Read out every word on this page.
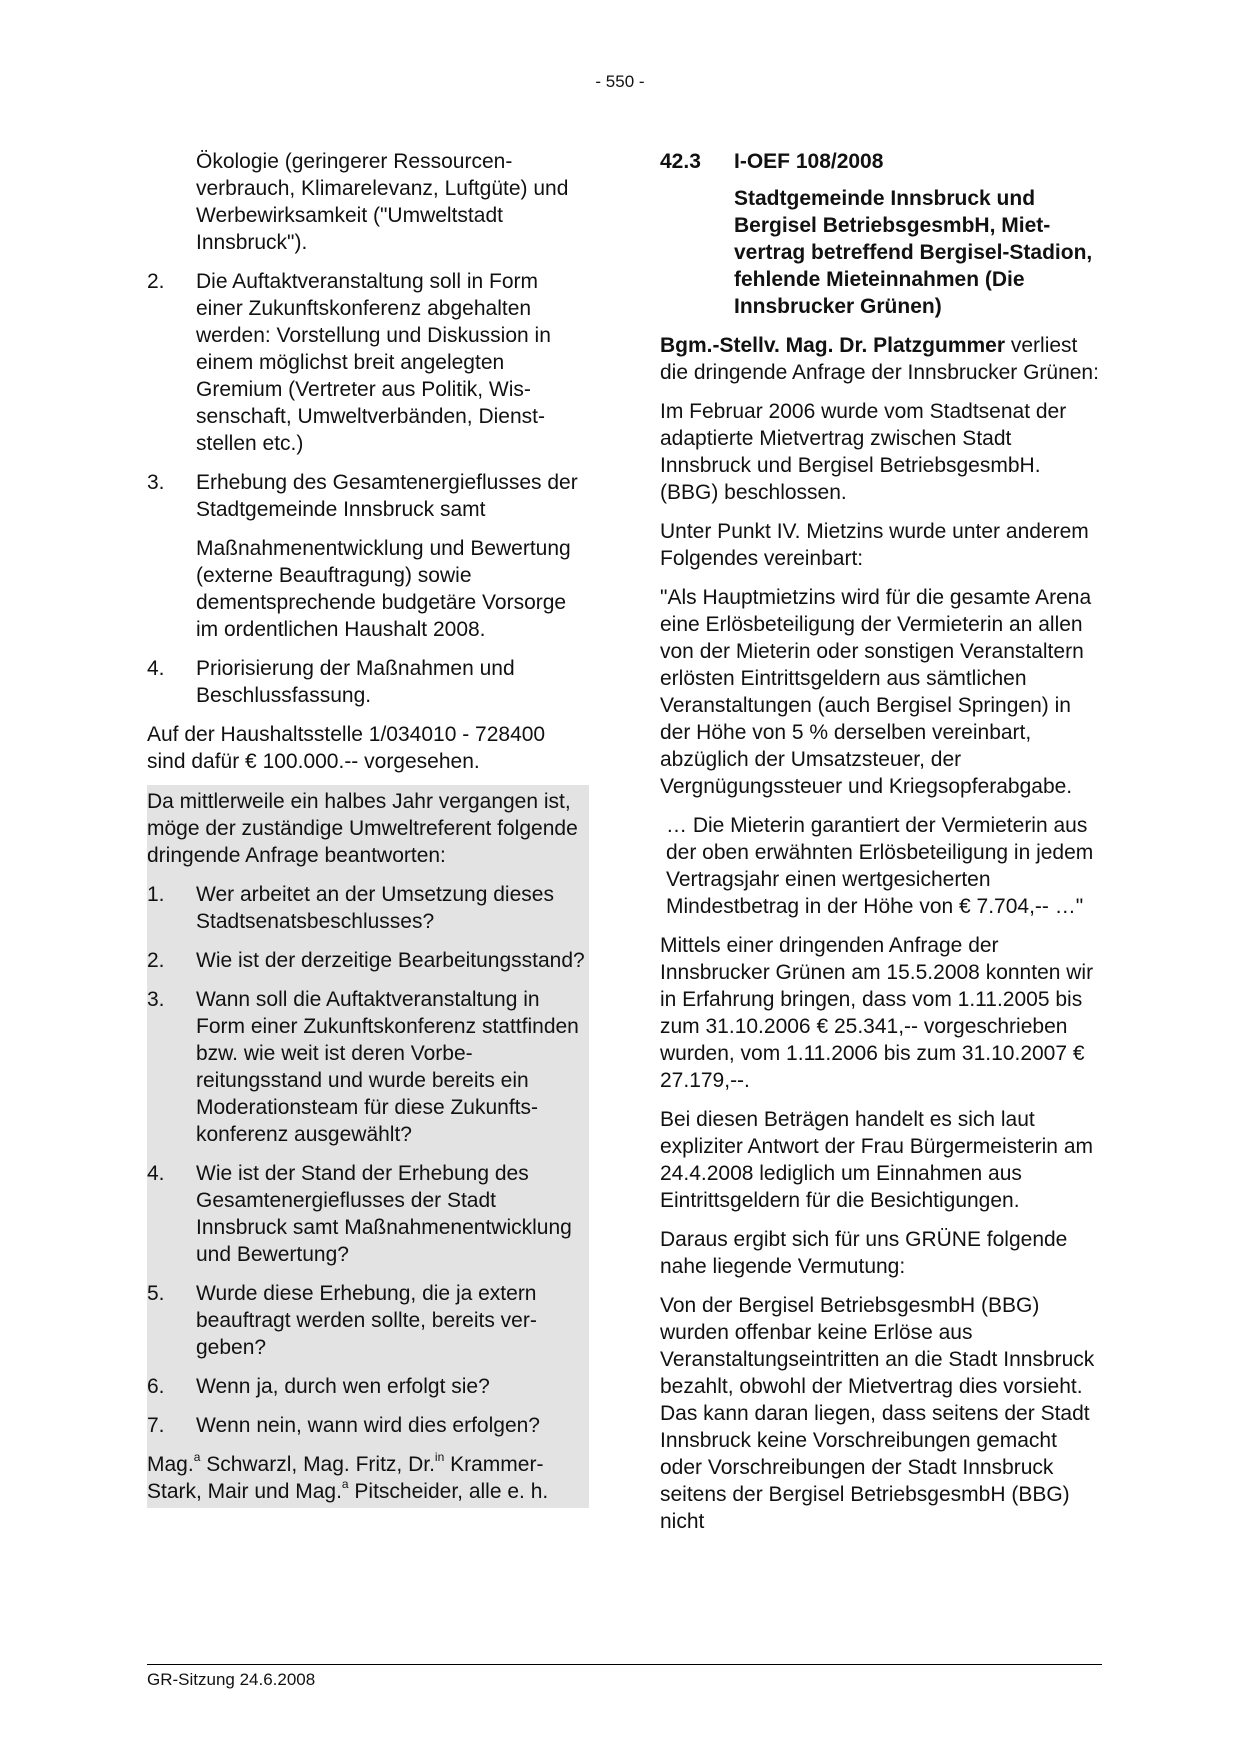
- 550 -

Ökologie (geringerer Ressourcenverbrauch, Klimarelevanz, Luftgüte) und Werbewirksamkeit ("Umweltstadt Innsbruck").

2.	Die Auftaktveranstaltung soll in Form einer Zukunftskonferenz abgehalten werden: Vorstellung und Diskussion in einem möglichst breit angelegten Gremium (Vertreter aus Politik, Wissenschaft, Umweltverbänden, Dienststellen etc.)
3.	Erhebung des Gesamtenergieflusses der Stadtgemeinde Innsbruck samt

Maßnahmenentwicklung und Bewertung (externe Beauftragung) sowie dementsprechende budgetäre Vorsorge im ordentlichen Haushalt 2008.

4.	Priorisierung der Maßnahmen und Beschlussfassung.

Auf der Haushaltsstelle 1/034010 - 728400 sind dafür € 100.000.-- vorgesehen.

Da mittlerweile ein halbes Jahr vergangen ist, möge der zuständige Umweltreferent folgende dringende Anfrage beantworten:

1.	Wer arbeitet an der Umsetzung dieses Stadtsenatsbeschlusses?
2.	Wie ist der derzeitige Bearbeitungsstand?
3.	Wann soll die Auftaktveranstaltung in Form einer Zukunftskonferenz stattfinden bzw. wie weit ist deren Vorbereitungsstand und wurde bereits ein Moderationsteam für diese Zukunftskonferenz ausgewählt?
4.	Wie ist der Stand der Erhebung des Gesamtenergieflusses der Stadt Innsbruck samt Maßnahmenentwicklung und Bewertung?
5.	Wurde diese Erhebung, die ja extern beauftragt werden sollte, bereits vergeben?
6.	Wenn ja, durch wen erfolgt sie?
7.	Wenn nein, wann wird dies erfolgen?

Mag.$^a$ Schwarzl, Mag. Fritz, Dr.$^{in}$ Krammer-Stark, Mair und Mag.$^a$ Pitscheider, alle e. h.

42.3	I-OEF 108/2008

Stadtgemeinde Innsbruck und Bergisel BetriebsgesmbH, Mietvertrag betreffend Bergisel-Stadion, fehlende Mieteinnahmen (Die Innsbrucker Grünen)

Bgm.-Stellv. Mag. Dr. Platzgummer verliest die dringende Anfrage der Innsbrucker Grünen:

Im Februar 2006 wurde vom Stadtsenat der adaptierte Mietvertrag zwischen Stadt Innsbruck und Bergisel BetriebsgesmbH. (BBG) beschlossen.

Unter Punkt IV. Mietzins wurde unter anderem Folgendes vereinbart:

"Als Hauptmietzins wird für die gesamte Arena eine Erlösbeteiligung der Vermieterin an allen von der Mieterin oder sonstigen Veranstaltern erlösten Eintrittsgeldern aus sämtlichen Veranstaltungen (auch Bergisel Springen) in der Höhe von 5 % derselben vereinbart, abzüglich der Umsatzsteuer, der Vergnügungssteuer und Kriegsopferabgabe.

… Die Mieterin garantiert der Vermieterin aus der oben erwähnten Erlösbeteiligung in jedem Vertragsjahr einen wertgesicherten Mindestbetrag in der Höhe von € 7.704,-- …"

Mittels einer dringenden Anfrage der Innsbrucker Grünen am 15.5.2008 konnten wir in Erfahrung bringen, dass vom 1.11.2005 bis zum 31.10.2006 € 25.341,-- vorgeschrieben wurden, vom 1.11.2006 bis zum 31.10.2007 € 27.179,--.

Bei diesen Beträgen handelt es sich laut expliziter Antwort der Frau Bürgermeisterin am 24.4.2008 lediglich um Einnahmen aus Eintrittsgeldern für die Besichtigungen.

Daraus ergibt sich für uns GRÜNE folgende nahe liegende Vermutung:

Von der Bergisel BetriebsgesmbH (BBG) wurden offenbar keine Erlöse aus Veranstaltungseintritten an die Stadt Innsbruck bezahlt, obwohl der Mietvertrag dies vorsieht. Das kann daran liegen, dass seitens der Stadt Innsbruck keine Vorschreibungen gemacht oder Vorschreibungen der Stadt Innsbruck seitens der Bergisel BetriebsgesmbH (BBG) nicht

GR-Sitzung 24.6.2008
